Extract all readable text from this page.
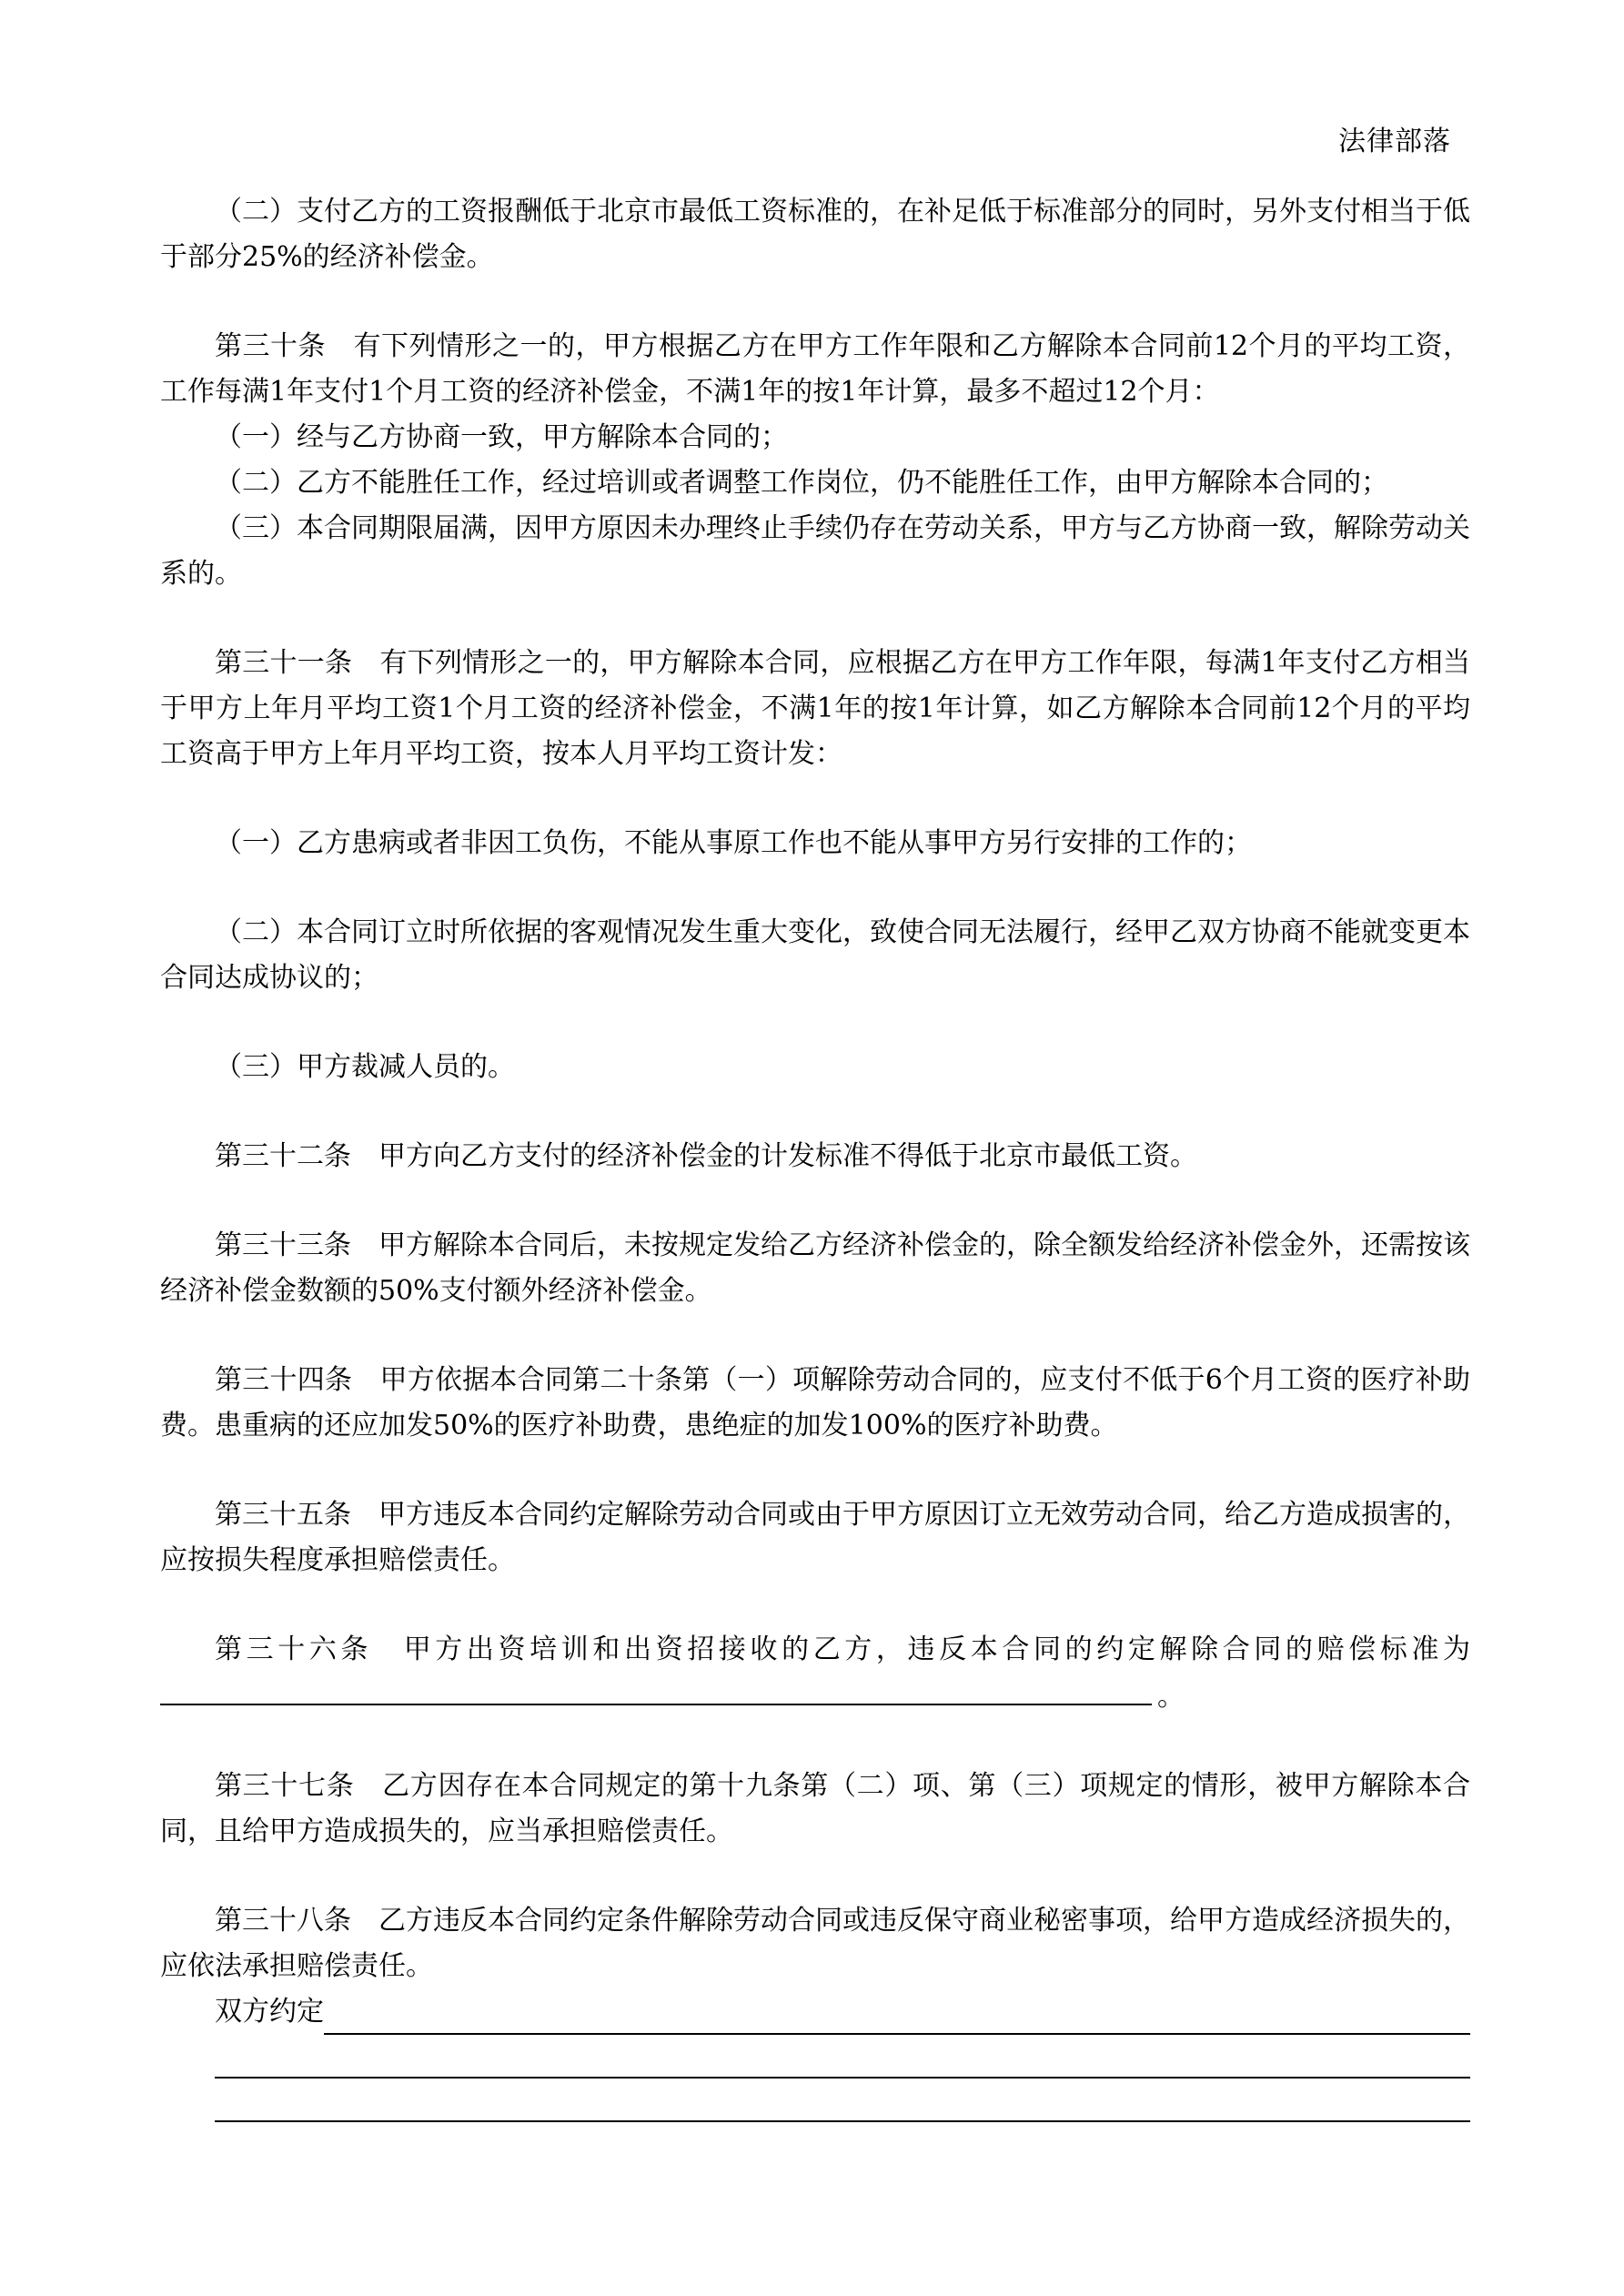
法律部落

（二）支付乙方的工资报酬低于北京市最低工资标准的，在补足低于标准部分的同时，另外支付相当于低于部分25%的经济补偿金。

第三十条　有下列情形之一的，甲方根据乙方在甲方工作年限和乙方解除本合同前12个月的平均工资，工作每满1年支付1个月工资的经济补偿金，不满1年的按1年计算，最多不超过12个月：

（一）经与乙方协商一致，甲方解除本合同的；

（二）乙方不能胜任工作，经过培训或者调整工作岗位，仍不能胜任工作，由甲方解除本合同的；

（三）本合同期限届满，因甲方原因未办理终止手续仍存在劳动关系，甲方与乙方协商一致，解除劳动关系的。

第三十一条　有下列情形之一的，甲方解除本合同，应根据乙方在甲方工作年限，每满1年支付乙方相当于甲方上年月平均工资1个月工资的经济补偿金，不满1年的按1年计算，如乙方解除本合同前12个月的平均工资高于甲方上年月平均工资，按本人月平均工资计发：

（一）乙方患病或者非因工负伤，不能从事原工作也不能从事甲方另行安排的工作的；

（二）本合同订立时所依据的客观情况发生重大变化，致使合同无法履行，经甲乙双方协商不能就变更本合同达成协议的；

（三）甲方裁减人员的。

第三十二条　甲方向乙方支付的经济补偿金的计发标准不得低于北京市最低工资。

第三十三条　甲方解除本合同后，未按规定发给乙方经济补偿金的，除全额发给经济补偿金外，还需按该经济补偿金数额的50%支付额外经济补偿金。

第三十四条　甲方依据本合同第二十条第（一）项解除劳动合同的，应支付不低于6个月工资的医疗补助费。患重病的还应加发50%的医疗补助费，患绝症的加发100%的医疗补助费。

第三十五条　甲方违反本合同约定解除劳动合同或由于甲方原因订立无效劳动合同，给乙方造成损害的，应按损失程度承担赔偿责任。

第三十六条　甲方出资培训和出资招接收的乙方，违反本合同的约定解除合同的赔偿标准为。

第三十七条　乙方因存在本合同规定的第十九条第（二）项、第（三）项规定的情形，被甲方解除本合同，且给甲方造成损失的，应当承担赔偿责任。

第三十八条　乙方违反本合同约定条件解除劳动合同或违反保守商业秘密事项，给甲方造成经济损失的，应依法承担赔偿责任。

双方约定
